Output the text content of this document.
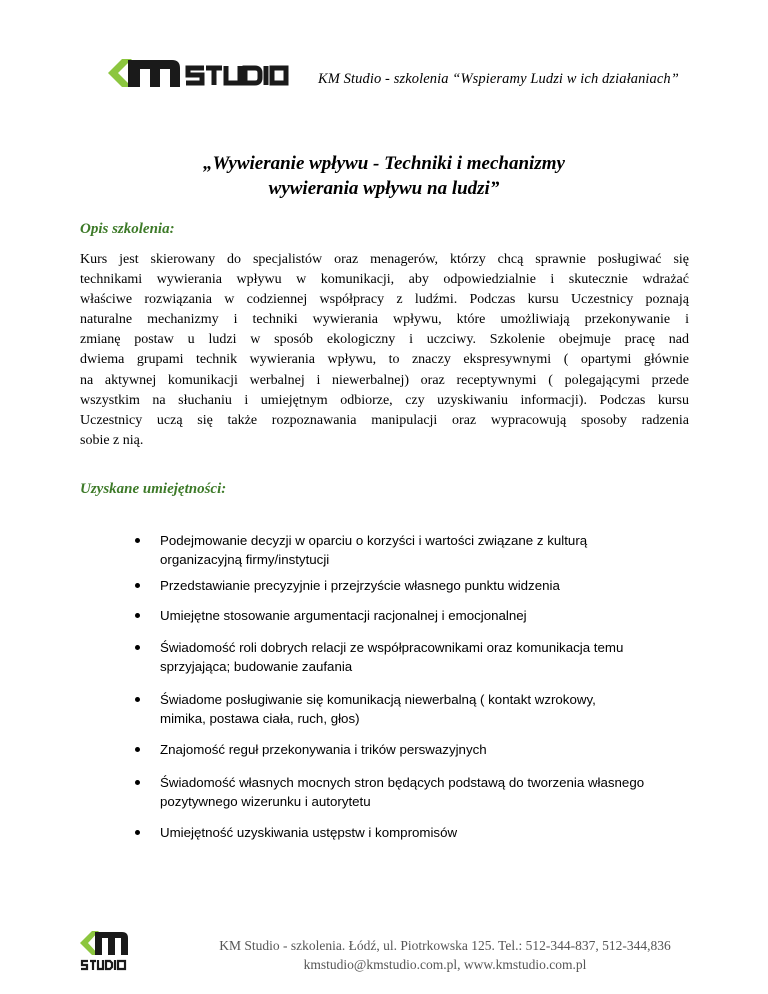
KM Studio - szkolenia “Wspieramy Ludzi w ich działaniach”
„Wywieranie wpływu - Techniki i mechanizmy
wywierania wpływu na ludzi”
Opis szkolenia:
Kurs jest skierowany do specjalistów oraz menagerów, którzy chcą sprawnie posługiwać się
technikami wywierania wpływu w komunikacji, aby odpowiedzialnie i skutecznie wdrażać
właściwe rozwiązania w codziennej współpracy z ludźmi. Podczas kursu Uczestnicy poznają
naturalne mechanizmy i techniki wywierania wpływu, które umożliwiają przekonywanie i
zmianę postaw u ludzi w sposób ekologiczny i uczciwy. Szkolenie obejmuje pracę nad
dwiema grupami technik wywierania wpływu, to znaczy ekspresywnymi ( opartymi głównie
na aktywnej komunikacji werbalnej i niewerbalnej) oraz receptywnymi ( polegającymi przede
wszystkim na słuchaniu i umiejętnym odbiorze, czy uzyskiwaniu informacji). Podczas kursu
Uczestnicy uczą się także rozpoznawania manipulacji oraz wypracowują sposoby radzenia
sobie z nią.
Uzyskane umiejętności:
Podejmowanie decyzji w oparciu o korzyści i wartości związane z kulturą
organizacyjną firmy/instytucji
Przedstawianie precyzyjnie i przejrzyście własnego punktu widzenia
Umiejętne stosowanie argumentacji racjonalnej i emocjonalnej
Świadomość roli dobrych relacji ze współpracownikami oraz komunikacja temu
sprzyjająca; budowanie zaufania
Świadome posługiwanie się komunikacją niewerbalną ( kontakt wzrokowy,
mimika, postawa ciała, ruch, głos)
Znajomość reguł przekonywania i trików perswazyjnych
Świadomość własnych mocnych stron będących podstawą do tworzenia własnego
pozytywnego wizerunku i autorytetu
Umiejętność uzyskiwania ustępstw i kompromisów
KM Studio - szkolenia. Łódź, ul. Piotrkowska 125. Tel.: 512-344-837, 512-344,836
kmstudio@kmstudio.com.pl, www.kmstudio.com.pl
